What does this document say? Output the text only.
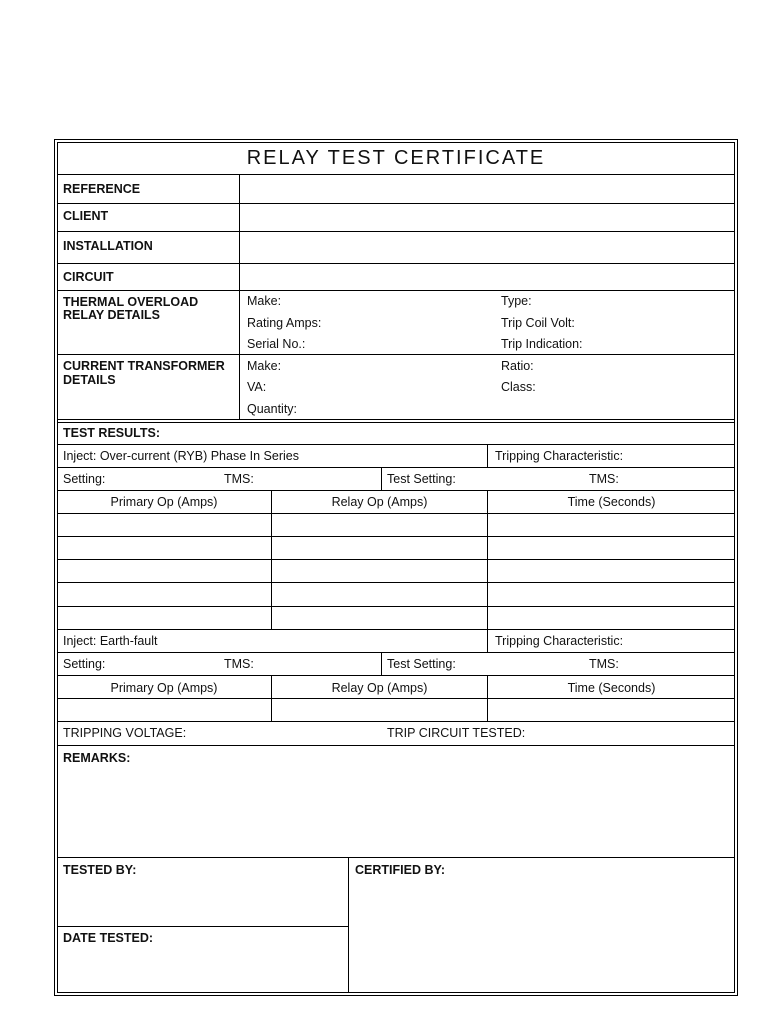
RELAY TEST CERTIFICATE
REFERENCE
CLIENT
INSTALLATION
CIRCUIT
THERMAL OVERLOAD
RELAY DETAILS
Make:	Type:
Rating Amps:	Trip Coil Volt:
Serial No.:	Trip Indication:
CURRENT TRANSFORMER
DETAILS
Make:	Ratio:
VA:	Class:
Quantity:
TEST RESULTS:
Inject: Over-current (RYB) Phase In Series	Tripping Characteristic:
Setting:	TMS:	Test Setting:	TMS:
Primary Op (Amps)	Relay Op (Amps)	Time (Seconds)
Inject: Earth-fault	Tripping Characteristic:
Setting:	TMS:	Test Setting:	TMS:
Primary Op (Amps)	Relay Op (Amps)	Time (Seconds)
TRIPPING VOLTAGE:	TRIP CIRCUIT TESTED:
REMARKS:
TESTED BY:	CERTIFIED BY:
DATE TESTED:
